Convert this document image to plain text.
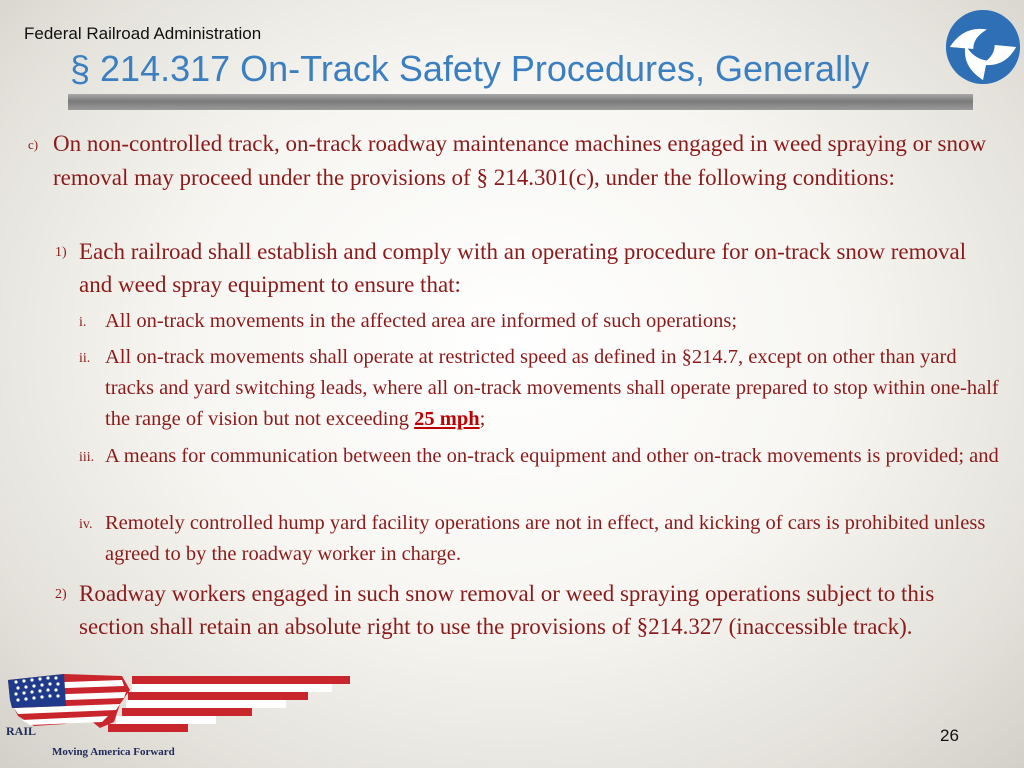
Federal Railroad Administration
§ 214.317 On-Track Safety Procedures, Generally
c) On non-controlled track, on-track roadway maintenance machines engaged in weed spraying or snow removal may proceed under the provisions of § 214.301(c), under the following conditions:
1) Each railroad shall establish and comply with an operating procedure for on-track snow removal and weed spray equipment to ensure that:
i. All on-track movements in the affected area are informed of such operations;
ii. All on-track movements shall operate at restricted speed as defined in §214.7, except on other than yard tracks and yard switching leads, where all on-track movements shall operate prepared to stop within one-half the range of vision but not exceeding 25 mph;
iii. A means for communication between the on-track equipment and other on-track movements is provided; and
iv. Remotely controlled hump yard facility operations are not in effect, and kicking of cars is prohibited unless agreed to by the roadway worker in charge.
2) Roadway workers engaged in such snow removal or weed spraying operations subject to this section shall retain an absolute right to use the provisions of §214.327 (inaccessible track).
RAIL
Moving America Forward
26
